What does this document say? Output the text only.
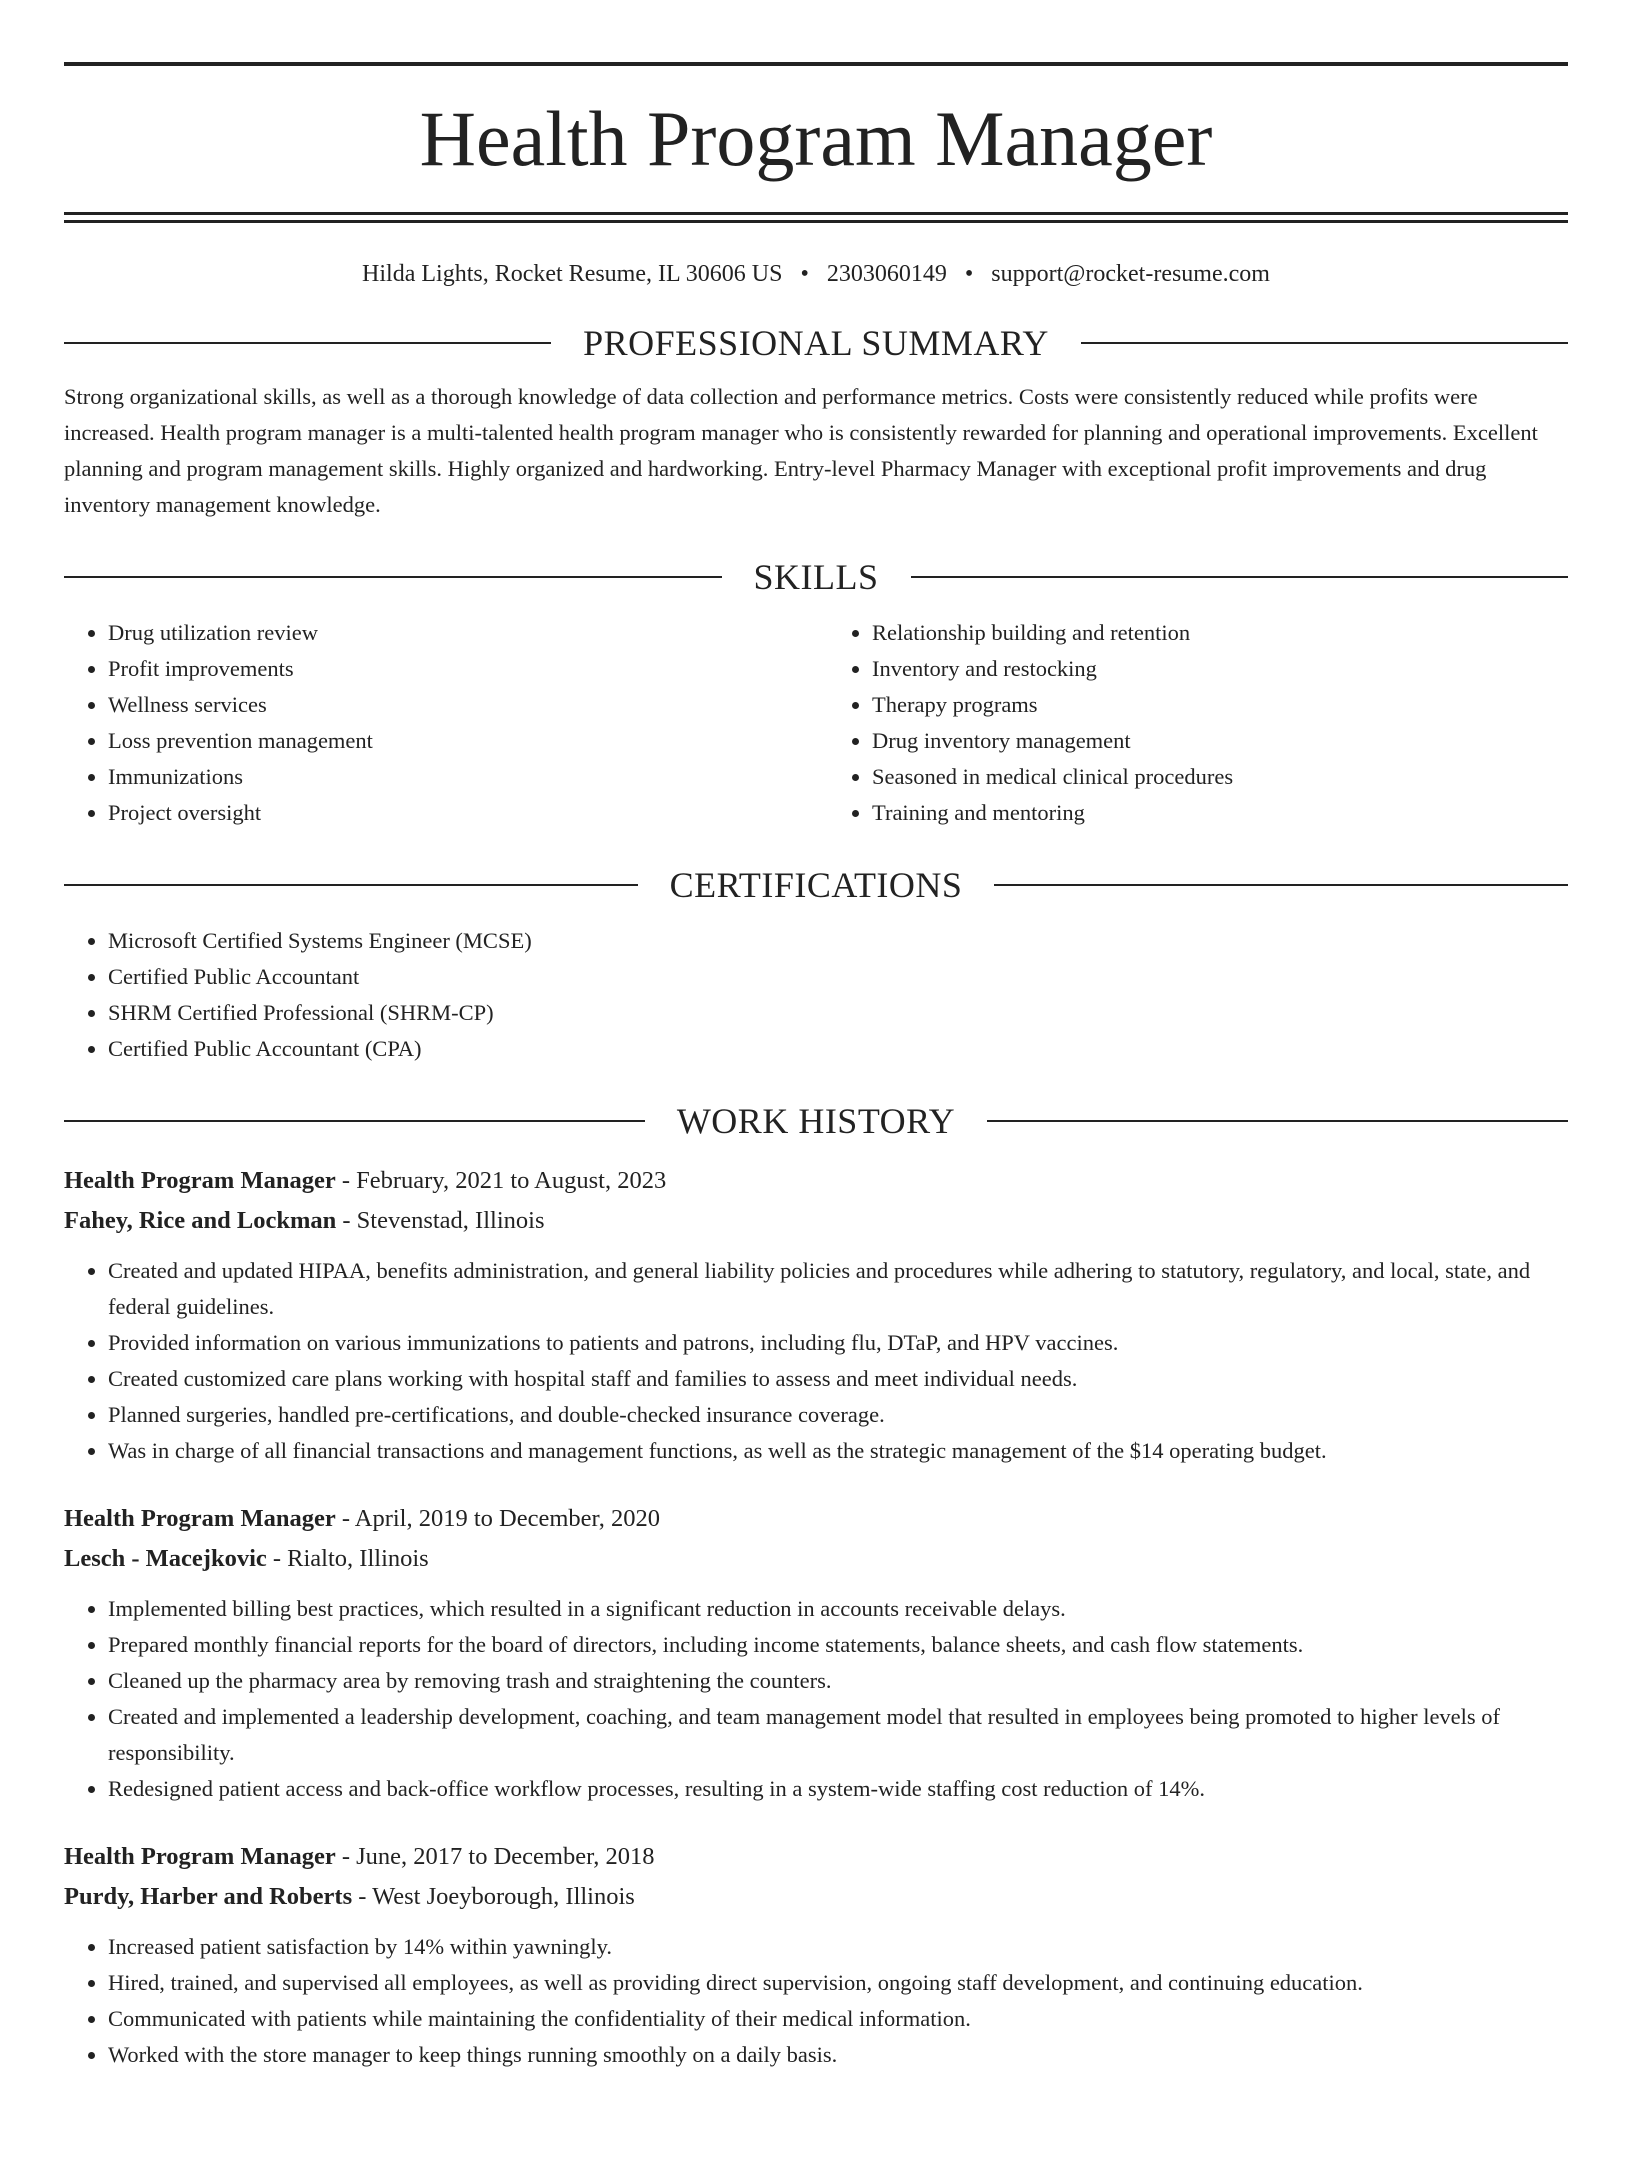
Health Program Manager
Hilda Lights, Rocket Resume, IL 30606 US • 2303060149 • support@rocket-resume.com
PROFESSIONAL SUMMARY
Strong organizational skills, as well as a thorough knowledge of data collection and performance metrics. Costs were consistently reduced while profits were increased. Health program manager is a multi-talented health program manager who is consistently rewarded for planning and operational improvements. Excellent planning and program management skills. Highly organized and hardworking. Entry-level Pharmacy Manager with exceptional profit improvements and drug inventory management knowledge.
SKILLS
• Drug utilization review
• Profit improvements
• Wellness services
• Loss prevention management
• Immunizations
• Project oversight
• Relationship building and retention
• Inventory and restocking
• Therapy programs
• Drug inventory management
• Seasoned in medical clinical procedures
• Training and mentoring
CERTIFICATIONS
• Microsoft Certified Systems Engineer (MCSE)
• Certified Public Accountant
• SHRM Certified Professional (SHRM-CP)
• Certified Public Accountant (CPA)
WORK HISTORY
Health Program Manager - February, 2021 to August, 2023
Fahey, Rice and Lockman - Stevenstad, Illinois
• Created and updated HIPAA, benefits administration, and general liability policies and procedures while adhering to statutory, regulatory, and local, state, and federal guidelines.
• Provided information on various immunizations to patients and patrons, including flu, DTaP, and HPV vaccines.
• Created customized care plans working with hospital staff and families to assess and meet individual needs.
• Planned surgeries, handled pre-certifications, and double-checked insurance coverage.
• Was in charge of all financial transactions and management functions, as well as the strategic management of the $14 operating budget.
Health Program Manager - April, 2019 to December, 2020
Lesch - Macejkovic - Rialto, Illinois
• Implemented billing best practices, which resulted in a significant reduction in accounts receivable delays.
• Prepared monthly financial reports for the board of directors, including income statements, balance sheets, and cash flow statements.
• Cleaned up the pharmacy area by removing trash and straightening the counters.
• Created and implemented a leadership development, coaching, and team management model that resulted in employees being promoted to higher levels of responsibility.
• Redesigned patient access and back-office workflow processes, resulting in a system-wide staffing cost reduction of 14%.
Health Program Manager - June, 2017 to December, 2018
Purdy, Harber and Roberts - West Joeyborough, Illinois
• Increased patient satisfaction by 14% within yawningly.
• Hired, trained, and supervised all employees, as well as providing direct supervision, ongoing staff development, and continuing education.
• Communicated with patients while maintaining the confidentiality of their medical information.
• Worked with the store manager to keep things running smoothly on a daily basis.
